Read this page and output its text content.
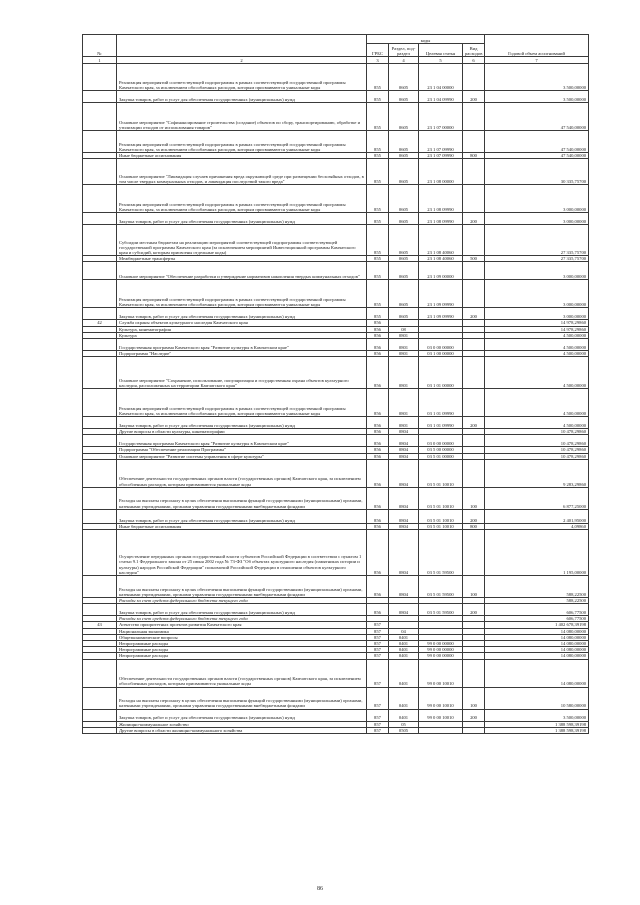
№		коды				Годовой объем ассигнований
		ГРБС	Раздел, под-раздел	Целевая статья	Вид расходов	
1	2	3	4	5	6	7
	Реализация мероприятий соответствующей подпрограммы в рамках соответствующей государственной программы Камчатского края, за исключением обособленных расходов, которым присваиваются уникальные коды	855	0605	23 1 04 00000		3 500,00000
	Закупка товаров, работ и услуг для обеспечения государственных (муниципальных) нужд	855	0605	23 1 04 09990	200	3 500,00000
	Основное мероприятие "Софинансирование строительства (создание) объектов по сбору, транспортированию, обработке и утилизации отходов от использования товаров"	855	0605	23 1 07 00000		47 540,00000
	Реализация мероприятий соответствующей подпрограммы в рамках соответствующей государственной программы Камчатского края, за исключением обособленных расходов, которым присваиваются уникальные коды	855	0605	23 1 07 09990		47 540,00000
	Иные бюджетные ассигнования	855	0605	23 1 07 09990	800	47 540,00000
	Основное мероприятие "Ликвидация случаев причинения вреда окружающей среде при размещении бесхозяйных отходов, в том числе твердых коммунальных отходов, и ликвидация последствий такого вреда"	855	0605	23 1 08 00000		30 335,75700
	Реализация мероприятий соответствующей подпрограммы в рамках соответствующей государственной программы Камчатского края, за исключением обособленных расходов, которым присваиваются уникальные коды	855	0605	23 1 08 09990		3 000,00000
	Закупка товаров, работ и услуг для обеспечения государственных (муниципальных) нужд	855	0605	23 1 08 09990	200	3 000,00000
	Субсидии местным бюджетам на реализацию мероприятий соответствующей подпрограммы соответствующей государственной программы Камчатского края (за исключением мероприятий Инвестиционной программы Камчатского края и субсидий, которым присвоены отдельные коды)	855	0605	23 1 08 40060		27 335,75700
	Межбюджетные трансферты	855	0605	23 1 08 40060	500	27 335,75700
	Основное мероприятие "Обеспечение разработки и утверждение нормативов накопления твердых коммунальных отходов"	855	0605	23 1 09 00000		3 000,00000
	Реализация мероприятий соответствующей подпрограммы в рамках соответствующей государственной программы Камчатского края, за исключением обособленных расходов, которым присваиваются уникальные коды	855	0605	23 1 09 09990		3 000,00000
	Закупка товаров, работ и услуг для обеспечения государственных (муниципальных) нужд	855	0605	23 1 09 09990	200	3 000,00000
42	Служба охраны объектов культурного наследия Камчатского края	856				14 978,29860
	Культура, кинематография	856	08			14 978,29860
	Культура	856	0801			4 500,00000
	Государственная программа Камчатского края "Развитие культуры в Камчатском крае"	856	0801	03 0 00 00000		4 500,00000
	Подпрограмма "Наследие"	856	0801	03 1 00 00000		4 500,00000
	Основное мероприятие "Сохранение, использование, популяризация и государственная охрана объектов культурного наследия, расположенных на территории Камчатского края"	856	0801	03 1 01 00000		4 500,00000
	Реализация мероприятий соответствующей подпрограммы в рамках соответствующей государственной программы Камчатского края, за исключением обособленных расходов, которым присваиваются уникальные коды	856	0801	03 1 01 09990		4 500,00000
	Закупка товаров, работ и услуг для обеспечения государственных (муниципальных) нужд	856	0801	03 1 01 09990	200	4 500,00000
	Другие вопросы в области культуры, кинематографии	856	0804			10 478,29860
	Государственная программа Камчатского края "Развитие культуры в Камчатском крае"	856	0804	03 0 00 00000		10 478,29860
	Подпрограмма "Обеспечение реализации Программы"	856	0804	03 5 00 00000		10 478,29860
	Основное мероприятие "Развитие системы управления в сфере культуры"	856	0804	03 5 01 00000		10 478,29860
	Обеспечение деятельности государственных органов власти (государственных органов) Камчатского края, за исключением обособленных расходов, которым присваиваются уникальные коды	856	0804	03 5 01 10010		9 283,29860
	Расходы на выплаты персоналу в целях обеспечения выполнения функций государственными (муниципальными) органами, казенными учреждениями, органами управления государственными внебюджетными фондами	856	0804	03 5 01 10010	100	6 877,25000
	Закупка товаров, работ и услуг для обеспечения государственных (муниципальных) нужд	856	0804	03 5 01 10010	200	2 401,95000
	Иные бюджетные ассигнования	856	0804	03 5 01 10010	800	4,09860
	Осуществление переданных органам государственной власти субъектов Российской Федерации в соответствии с пунктом 1 статьи 9.1 Федерального закона от 25 июня 2002 года № 73-ФЗ "Об объектах культурного наследия (памятниках истории и культуры) народов Российской Федерации" полномочий Российской Федерации в отношении объектов культурного наследия"	856	0804	03 5 01 59500		1 195,00000
	Расходы на выплаты персоналу в целях обеспечения выполнения функций государственными (муниципальными) органами, казенными учреждениями, органами управления государственными внебюджетными фондами	856	0804	03 5 01 59500	100	588,22500
	Расходы за счет средств федерального бюджета текущего года					588,22500
	Закупка товаров, работ и услуг для обеспечения государственных (муниципальных) нужд	856	0804	03 5 01 59500	200	606,77500
	Расходы за счет средств федерального бюджета текущего года					606,77500
43	Агентство приоритетных проектов развития Камчатского края	857				1 402 678,39198
	Национальная экономика	857	04			14 080,00000
	Общеэкономические вопросы	857	0401			14 080,00000
	Непрограммные расходы	857	0401	99 0 00 00000		14 080,00000
	Непрограммные расходы	857	0401	99 0 00 00000		14 080,00000
	Непрограммные расходы	857	0401	99 0 00 00000		14 080,00000
	Обеспечение деятельности государственных органов власти (государственных органов) Камчатского края, за исключением обособленных расходов, которым присваиваются уникальные коды	857	0401	99 0 00 10010		14 080,00000
	Расходы на выплаты персоналу в целях обеспечения выполнения функций государственными (муниципальными) органами, казенными учреждениями, органами управления государственными внебюджетными фондами	857	0401	99 0 00 10010	100	10 580,00000
	Закупка товаров, работ и услуг для обеспечения государственных (муниципальных) нужд	857	0401	99 0 00 10010	200	3 500,00000
	Жилищно-коммунальное хозяйство	857	05			1 388 598,39198
	Другие вопросы в области жилищно-коммунального хозяйства	857	0505			1 388 598,39198
86
